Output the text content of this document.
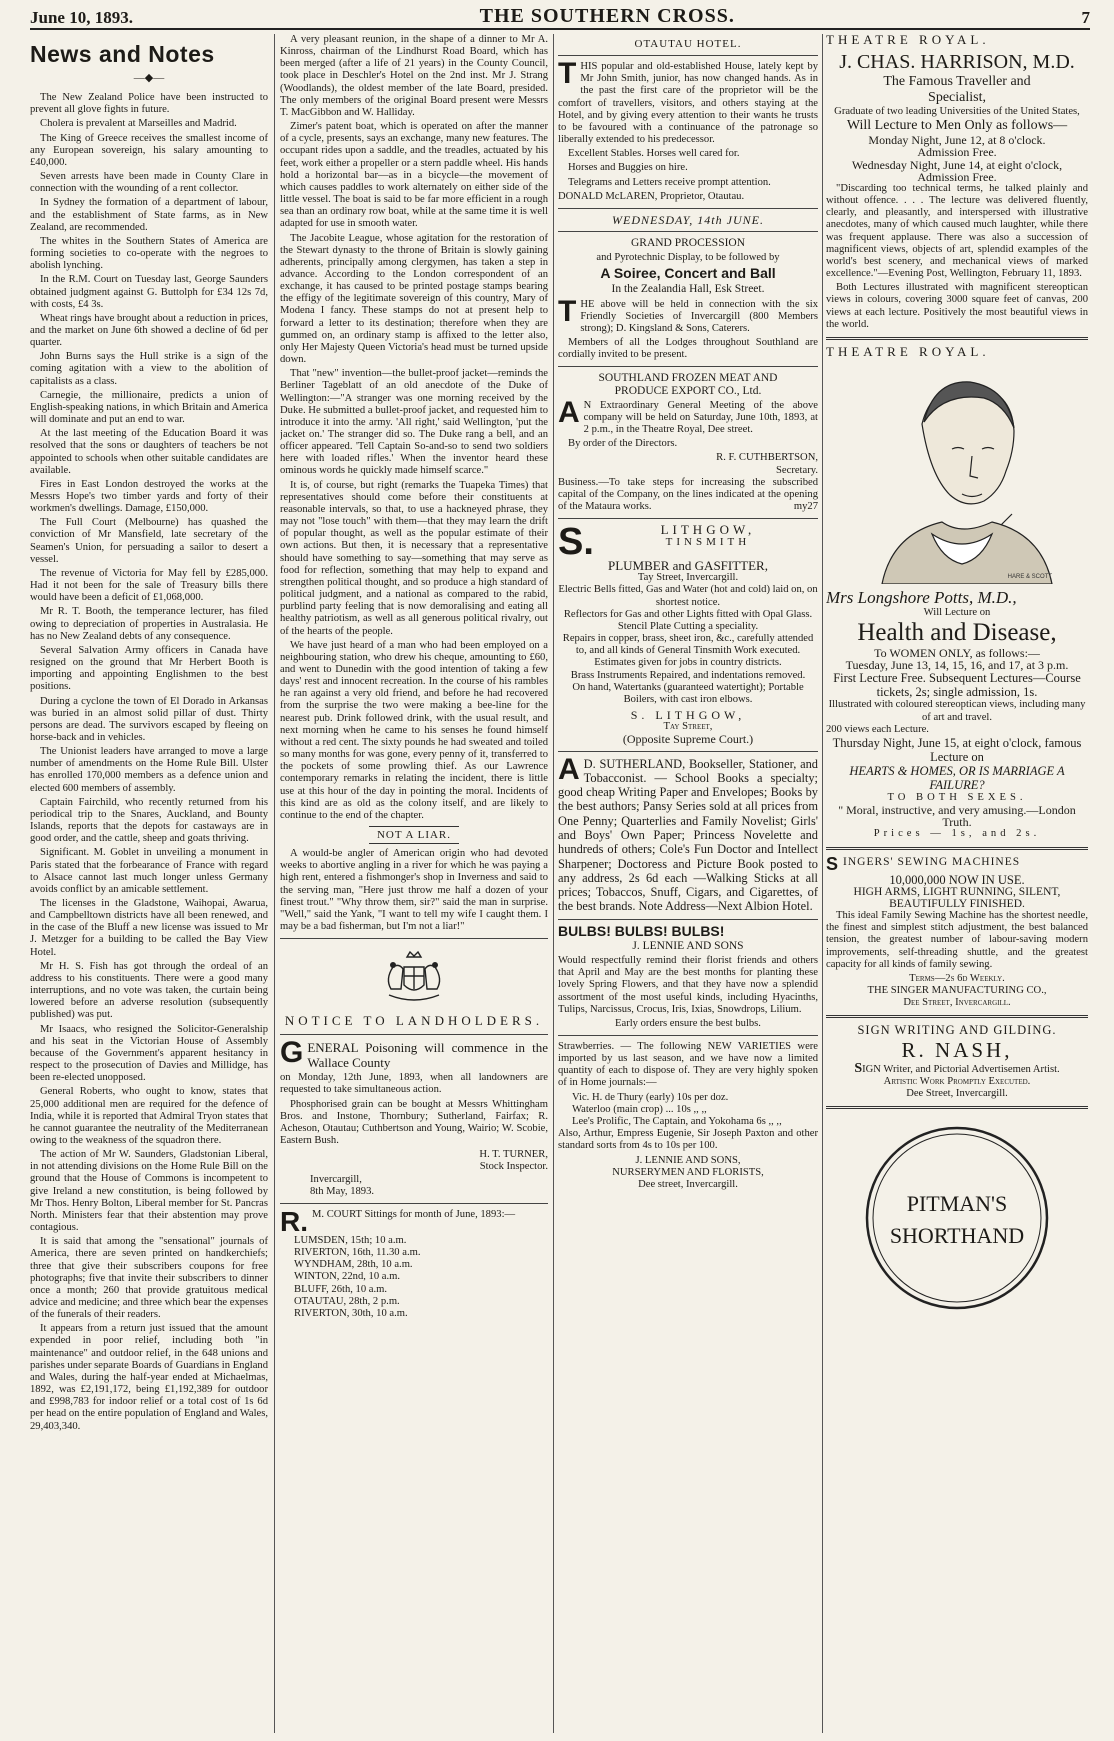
June 10, 1893.	THE SOUTHERN CROSS.	7
News and Notes
—◆—

The New Zealand Police have been instructed to prevent all glove fights in future.

Cholera is prevalent at Marseilles and Madrid.

The King of Greece receives the smallest income of any European sovereign, his salary amounting to £40,000.

Seven arrests have been made in County Clare in connection with the wounding of a rent collector.

In Sydney the formation of a department of labour, and the establishment of State farms, as in New Zealand, are recommended.

The whites in the Southern States of America are forming societies to co-operate with the negroes to abolish lynching.

In the R.M. Court on Tuesday last, George Saunders obtained judgment against G. Buttolph for £34 12s 7d, with costs, £4 3s.

Wheat rings have brought about a reduction in prices, and the market on June 6th showed a decline of 6d per quarter.

John Burns says the Hull strike is a sign of the coming agitation with a view to the abolition of capitalists as a class.

Carnegie, the millionaire, predicts a union of English-speaking nations, in which Britain and America will dominate and put an end to war.

At the last meeting of the Education Board it was resolved that the sons or daughters of teachers be not appointed to schools when other suitable candidates are available.

Fires in East London destroyed the works at the Messrs Hope's two timber yards and forty of their workmen's dwellings. Damage, £150,000.

The Full Court (Melbourne) has quashed the conviction of Mr Mansfield, late secretary of the Seamen's Union, for persuading a sailor to desert a vessel.

The revenue of Victoria for May fell by £285,000. Had it not been for the sale of Treasury bills there would have been a deficit of £1,068,000.

Mr R. T. Booth, the temperance lecturer, has filed owing to depreciation of properties in Australasia. He has no New Zealand debts of any consequence.

Several Salvation Army officers in Canada have resigned on the ground that Mr Herbert Booth is importing and appointing Englishmen to the best positions.

During a cyclone the town of El Dorado in Arkansas was buried in an almost solid pillar of dust. Thirty persons are dead. The survivors escaped by fleeing on horse-back and in vehicles.

The Unionist leaders have arranged to move a large number of amendments on the Home Rule Bill. Ulster has enrolled 170,000 members as a defence union and elected 600 members of assembly.

Captain Fairchild, who recently returned from his periodical trip to the Snares, Auckland, and Bounty Islands, reports that the depots for castaways are in good order, and the cattle, sheep and goats thriving.

Significant. M. Goblet in unveiling a monument in Paris stated that the forbearance of France with regard to Alsace cannot last much longer unless Germany avoids conflict by an amicable settlement.

The licenses in the Gladstone, Waihopai, Awarua, and Campbelltown districts have all been renewed, and in the case of the Bluff a new license was issued to Mr J. Metzger for a building to be called the Bay View Hotel.

Mr H. S. Fish has got through the ordeal of an address to his constituents. There were a good many interruptions, and no vote was taken, the curtain being lowered before an adverse resolution (subsequently published) was put.

Mr Isaacs, who resigned the Solicitor-Generalship and his seat in the Victorian House of Assembly because of the Government's apparent hesitancy in respect to the prosecution of Davies and Millidge, has been re-elected unopposed.

General Roberts, who ought to know, states that 25,000 additional men are required for the defence of India, while it is reported that Admiral Tryon states that he cannot guarantee the neutrality of the Mediterranean owing to the weakness of the squadron there.

The action of Mr W. Saunders, Gladstonian Liberal, in not attending divisions on the Home Rule Bill on the ground that the House of Commons is incompetent to give Ireland a new constitution, is being followed by Mr Thos. Henry Bolton, Liberal member for St. Pancras North. Ministers fear that their abstention may prove contagious.

It is said that among the "sensational" journals of America, there are seven printed on handkerchiefs; three that give their subscribers coupons for free photographs; five that invite their subscribers to dinner once a month; 260 that provide gratuitous medical advice and medicine; and three which bear the expenses of the funerals of their readers.

It appears from a return just issued that the amount expended in poor relief, including both "in maintenance" and outdoor relief, in the 648 unions and parishes under separate Boards of Guardians in England and Wales, during the half-year ended at Michaelmas, 1892, was £2,191,172, being £1,192,389 for outdoor and £998,783 for indoor relief or a total cost of 1s 6d per head on the entire population of England and Wales, 29,403,340.

A very pleasant reunion, in the shape of a dinner to Mr A. Kinross, chairman of the Lindhurst Road Board, which has been merged (after a life of 21 years) in the County Council, took place in Deschler's Hotel on the 2nd inst. Mr J. Strang (Woodlands), the oldest member of the late Board, presided. The only members of the original Board present were Messrs T. MacGibbon and W. Halliday.

Zimer's patent boat, which is operated on after the manner of a cycle, presents, says an exchange, many new features. The occupant rides upon a saddle, and the treadles, actuated by his feet, work either a propeller or a stern paddle wheel. His hands hold a horizontal bar—as in a bicycle—the movement of which causes paddles to work alternately on either side of the little vessel. The boat is said to be far more efficient in a rough sea than an ordinary row boat, while at the same time it is well adapted for use in smooth water.

The Jacobite League, whose agitation for the restoration of the Stewart dynasty to the throne of Britain is slowly gaining adherents, principally among clergymen, has taken a step in advance. According to the London correspondent of an exchange, it has caused to be printed postage stamps bearing the effigy of the legitimate sovereign of this country, Mary of Modena I fancy. These stamps do not at present help to forward a letter to its destination; therefore when they are gummed on, an ordinary stamp is affixed to the letter also, only Her Majesty Queen Victoria's head must be turned upside down.

That "new" invention—the bullet-proof jacket—reminds the Berliner Tageblatt of an old anecdote of the Duke of Wellington:—"A stranger was one morning received by the Duke. He submitted a bullet-proof jacket, and requested him to introduce it into the army. 'All right,' said Wellington, 'put the jacket on.' The stranger did so. The Duke rang a bell, and an officer appeared. 'Tell Captain So-and-so to send two soldiers here with loaded rifles.' When the inventor heard these ominous words he quickly made himself scarce."

It is, of course, but right (remarks the Tuapeka Times) that representatives should come before their constituents at reasonable intervals, so that, to use a hackneyed phrase, they may not "lose touch" with them—that they may learn the drift of popular thought, as well as the popular estimate of their own actions. But then, it is necessary that a representative should have something to say—something that may serve as food for reflection, something that may help to expand and strengthen political thought, and so produce a high standard of political judgment, and a national as compared to the rabid, purblind party feeling that is now demoralising and eating all healthy patriotism, as well as all generous political rivalry, out of the hearts of the people.

We have just heard of a man who had been employed on a neighbouring station, who drew his cheque, amounting to £60, and went to Dunedin with the good intention of taking a few days' rest and innocent recreation. In the course of his rambles he ran against a very old friend, and before he had recovered from the surprise the two were making a bee-line for the nearest pub. Drink followed drink, with the usual result, and next morning when he came to his senses he found himself without a red cent. The sixty pounds he had sweated and toiled so many months for was gone, every penny of it, transferred to the pockets of some prowling thief. As our Lawrence contemporary remarks in relating the incident, there is little use at this hour of the day in pointing the moral. Incidents of this kind are as old as the colony itself, and are likely to continue to the end of the chapter.

NOT A LIAR.

A would-be angler of American origin who had devoted weeks to abortive angling in a river for which he was paying a high rent, entered a fishmonger's shop in Inverness and said to the serving man, "Here just throw me half a dozen of your finest trout." "Why throw them, sir?" said the man in surprise. "Well," said the Yank, "I want to tell my wife I caught them. I may be a bad fisherman, but I'm not a liar!"

NOTICE TO LANDHOLDERS.

GENERAL Poisoning will commence in the Wallace County

on Monday, 12th June, 1893, when all landowners are requested to take simultaneous action.

Phosphorised grain can be bought at Messrs Whittingham Bros. and Instone, Thornbury; Sutherland, Fairfax; R. Acheson, Otautau; Cuthbertson and Young, Wairio; W. Scobie, Eastern Bush.

H. T. TURNER,
Stock Inspector.
Invercargill,
8th May, 1893.

R. M. COURT Sittings for month of June, 1893:—

LUMSDEN, 15th; 10 a.m.
RIVERTON, 16th, 11.30 a.m.
WYNDHAM, 28th, 10 a.m.
WINTON, 22nd, 10 a.m.
BLUFF, 26th, 10 a.m.
OTAUTAU, 28th, 2 p.m.
RIVERTON, 30th, 10 a.m.
OTAUTAU HOTEL.

THIS popular and old-established House, lately kept by Mr John Smith, junior, has now changed hands. As in the past the first care of the proprietor will be the comfort of travellers, visitors, and others staying at the Hotel, and by giving every attention to their wants he trusts to be favoured with a continuance of the patronage so liberally extended to his predecessor.

Excellent Stables. Horses well cared for.

Horses and Buggies on hire.

Telegrams and Letters receive prompt attention.

DONALD McLAREN, Proprietor, Otautau.

WEDNESDAY, 14th JUNE.
GRAND PROCESSION
and Pyrotechnic Display, to be followed by
A Soiree, Concert and Ball
In the Zealandia Hall, Esk Street.

THE above will be held in connection with the six Friendly Societies of Invercargill (800 Members strong); D. Kingsland & Sons, Caterers.

Members of all the Lodges throughout Southland are cordially invited to be present.

SOUTHLAND FROZEN MEAT AND
PRODUCE EXPORT CO., Ltd.

A N Extraordinary General Meeting of the above company will be held on Saturday, June 10th, 1893, at 2 p.m., in the Theatre Royal, Dee street.

By order of the Directors.

R. F. CUTHBERTSON,
Secretary.

Business.—To take steps for increasing the subscribed capital of the Company, on the lines indicated at the opening of the Mataura works.	my27

S.	LITHGOW,
TINSMITH
PLUMBER and GASFITTER,
Tay Street, Invercargill.
Electric Bells fitted, Gas and Water (hot and cold) laid on, on shortest notice.
Reflectors for Gas and other Lights fitted with Opal Glass.
Stencil Plate Cutting a speciality.
Repairs in copper, brass, sheet iron, &c., carefully attended to, and all kinds of General Tinsmith Work executed. Estimates given for jobs in country districts.
Brass Instruments Repaired, and indentations removed.
On hand, Watertanks (guaranteed watertight); Portable Boilers, with cast iron elbows.
S. LITHGOW,
Tay Street,
(Opposite Supreme Court.)

A D. SUTHERLAND, Bookseller, Stationer, and Tobacconist. — School Books a specialty; good cheap Writing Paper and Envelopes; Books by the best authors; Pansy Series sold at all prices from One Penny; Quarterlies and Family Novelist; Girls' and Boys' Own Paper; Princess Novelette and hundreds of others; Cole's Fun Doctor and Intellect Sharpener; Doctoress and Picture Book posted to any address, 2s 6d each —Walking Sticks at all prices; Tobaccos, Snuff, Cigars, and Cigarettes, of the best brands. Note Address—Next Albion Hotel.

BULBS! BULBS! BULBS!
J. LENNIE AND SONS

Would respectfully remind their florist friends and others that April and May are the best months for planting these lovely Spring Flowers, and that they have now a splendid assortment of the most useful kinds, including Hyacinths, Tulips, Narcissus, Crocus, Iris, Ixias, Snowdrops, Lilium.

Early orders ensure the best bulbs.

Strawberries. — The following NEW VARIETIES were imported by us last season, and we have now a limited quantity of each to dispose of. They are very highly spoken of in Home journals:—

Vic. H. de Thury (early) 10s per doz.
Waterloo (main crop) ... 10s ,, ,,
Lee's Prolific, The Captain, and Yokohama 6s ,, ,,

Also, Arthur, Empress Eugenie, Sir Joseph Paxton and other standard sorts from 4s to 10s per 100.

J. LENNIE AND SONS,
NURSERYMEN AND FLORISTS,
Dee street, Invercargill.
THEATRE ROYAL.
J. CHAS. HARRISON, M.D.
The Famous Traveller and
Specialist,
Graduate of two leading Universities of the United States,
Will Lecture to Men Only as follows—
Monday Night, June 12, at 8 o'clock.
Admission Free.
Wednesday Night, June 14, at eight o'clock, Admission Free.

"Discarding too technical terms, he talked plainly and without offence. . . . The lecture was delivered fluently, clearly, and pleasantly, and interspersed with illustrative anecdotes, many of which caused much laughter, while there was frequent applause. There was also a succession of magnificent views, objects of art, splendid examples of the world's best scenery, and mechanical views of marked excellence."—Evening Post, Wellington, February 11, 1893.

Both Lectures illustrated with magnificent stereoptican views in colours, covering 3000 square feet of canvas, 200 views at each lecture. Positively the most beautiful views in the world.

THEATRE ROYAL.
HARE & SCOTT
Mrs Longshore Potts, M.D.,
Will Lecture on
Health and Disease,
To WOMEN ONLY, as follows:—
Tuesday, June 13, 14, 15, 16, and 17, at 3 p.m.
First Lecture Free. Subsequent Lectures—Course tickets, 2s; single admission, 1s.
Illustrated with coloured stereoptican views, including many of art and travel.
200 views each Lecture.
Thursday Night, June 15, at eight o'clock, famous Lecture on
HEARTS & HOMES, OR IS MARRIAGE A FAILURE?
TO BOTH SEXES.
" Moral, instructive, and very amusing.—London Truth.
Prices — 1s, and 2s.
SINGERS' SEWING MACHINES
10,000,000 NOW IN USE.
HIGH ARMS, LIGHT RUNNING, SILENT, BEAUTIFULLY FINISHED.

This ideal Family Sewing Machine has the shortest needle, the finest and simplest stitch adjustment, the best balanced tension, the greatest number of labour-saving modern improvements, self-threading shuttle, and the greatest capacity for all kinds of family sewing.

Terms—2s 6d Weekly.
THE SINGER MANUFACTURING CO.,
Dee Street, Invercargill.
SIGN WRITING AND GILDING.
R. NASH,
SIGN Writer, and Pictorial Advertisemen Artist.
Artistic Work Promptly Executed.
Dee Street, Invercargill.
PITMAN'S
SHORTHAND
